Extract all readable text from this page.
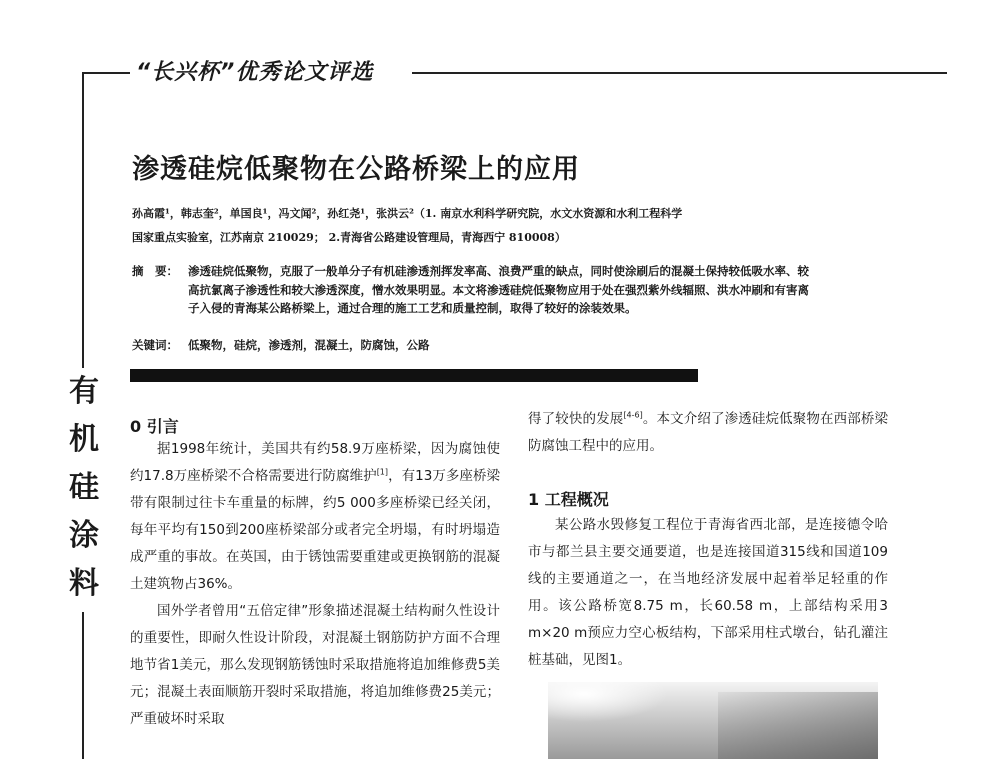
“长兴杯”优秀论文评选
有
机
硅
涂
料
渗透硅烷低聚物在公路桥梁上的应用
孙高霞¹，韩志奎²，单国良¹，冯文闻²，孙红尧¹，张洪云²（1. 南京水利科学研究院，水文水资源和水利工程科学
国家重点实验室，江苏南京 210029； 2.青海省公路建设管理局，青海西宁 810008）
摘　要： 渗透硅烷低聚物，克服了一般单分子有机硅渗透剂挥发率高、浪费严重的缺点，同时使涂刷后的混凝土保持较低吸水率、较高抗氯离子渗透性和较大渗透深度，憎水效果明显。本文将渗透硅烷低聚物应用于处在强烈紫外线辐照、洪水冲刷和有害离子入侵的青海某公路桥梁上，通过合理的施工工艺和质量控制，取得了较好的涂装效果。
关键词： 低聚物，硅烷，渗透剂，混凝土，防腐蚀，公路
0 引言

据1998年统计，美国共有约58.9万座桥梁，因为腐蚀使约17.8万座桥梁不合格需要进行防腐维护[1]，有13万多座桥梁带有限制过往卡车重量的标牌，约5 000多座桥梁已经关闭，每年平均有150到200座桥梁部分或者完全坍塌，有时坍塌造成严重的事故。在英国，由于锈蚀需要重建或更换钢筋的混凝土建筑物占36%。

国外学者曾用“五倍定律”形象描述混凝土结构耐久性设计的重要性，即耐久性设计阶段，对混凝土钢筋防护方面不合理地节省1美元，那么发现钢筋锈蚀时采取措施将追加维修费5美元；混凝土表面顺筋开裂时采取措施，将追加维修费25美元；严重破坏时采取

得了较快的发展[4-6]。本文介绍了渗透硅烷低聚物在西部桥梁防腐蚀工程中的应用。

1 工程概况

某公路水毁修复工程位于青海省西北部，是连接德令哈市与都兰县主要交通要道，也是连接国道315线和国道109线的主要通道之一，在当地经济发展中起着举足轻重的作用。该公路桥宽8.75 m，长60.58 m，上部结构采用3 m×20 m预应力空心板结构，下部采用柱式墩台，钻孔灌注桩基础，见图1。
